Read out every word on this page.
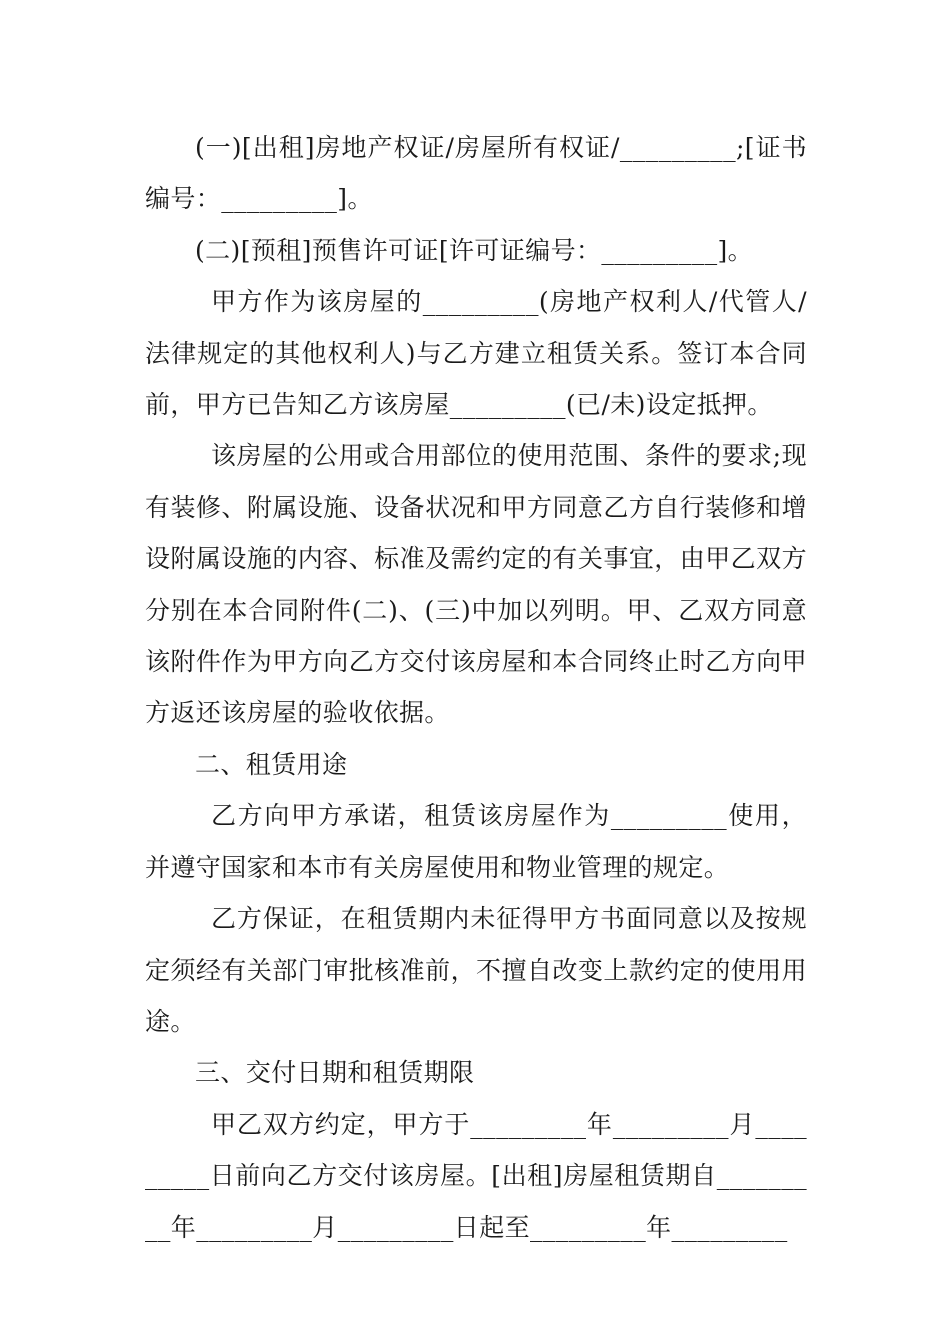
(一)[出租]房地产权证/房屋所有权证/_________;[证书编号：_________]。

(二)[预租]预售许可证[许可证编号：_________]。

甲方作为该房屋的_________(房地产权利人/代管人/法律规定的其他权利人)与乙方建立租赁关系。签订本合同前，甲方已告知乙方该房屋_________(已/未)设定抵押。

该房屋的公用或合用部位的使用范围、条件的要求;现有装修、附属设施、设备状况和甲方同意乙方自行装修和增设附属设施的内容、标准及需约定的有关事宜，由甲乙双方分别在本合同附件(二)、(三)中加以列明。甲、乙双方同意该附件作为甲方向乙方交付该房屋和本合同终止时乙方向甲方返还该房屋的验收依据。

二、租赁用途

乙方向甲方承诺，租赁该房屋作为_________使用，并遵守国家和本市有关房屋使用和物业管理的规定。

乙方保证，在租赁期内未征得甲方书面同意以及按规定须经有关部门审批核准前，不擅自改变上款约定的使用用途。

三、交付日期和租赁期限

甲乙双方约定，甲方于_________年_________月_________日前向乙方交付该房屋。[出租]房屋租赁期自_________年_________月_________日起至_________年_________
